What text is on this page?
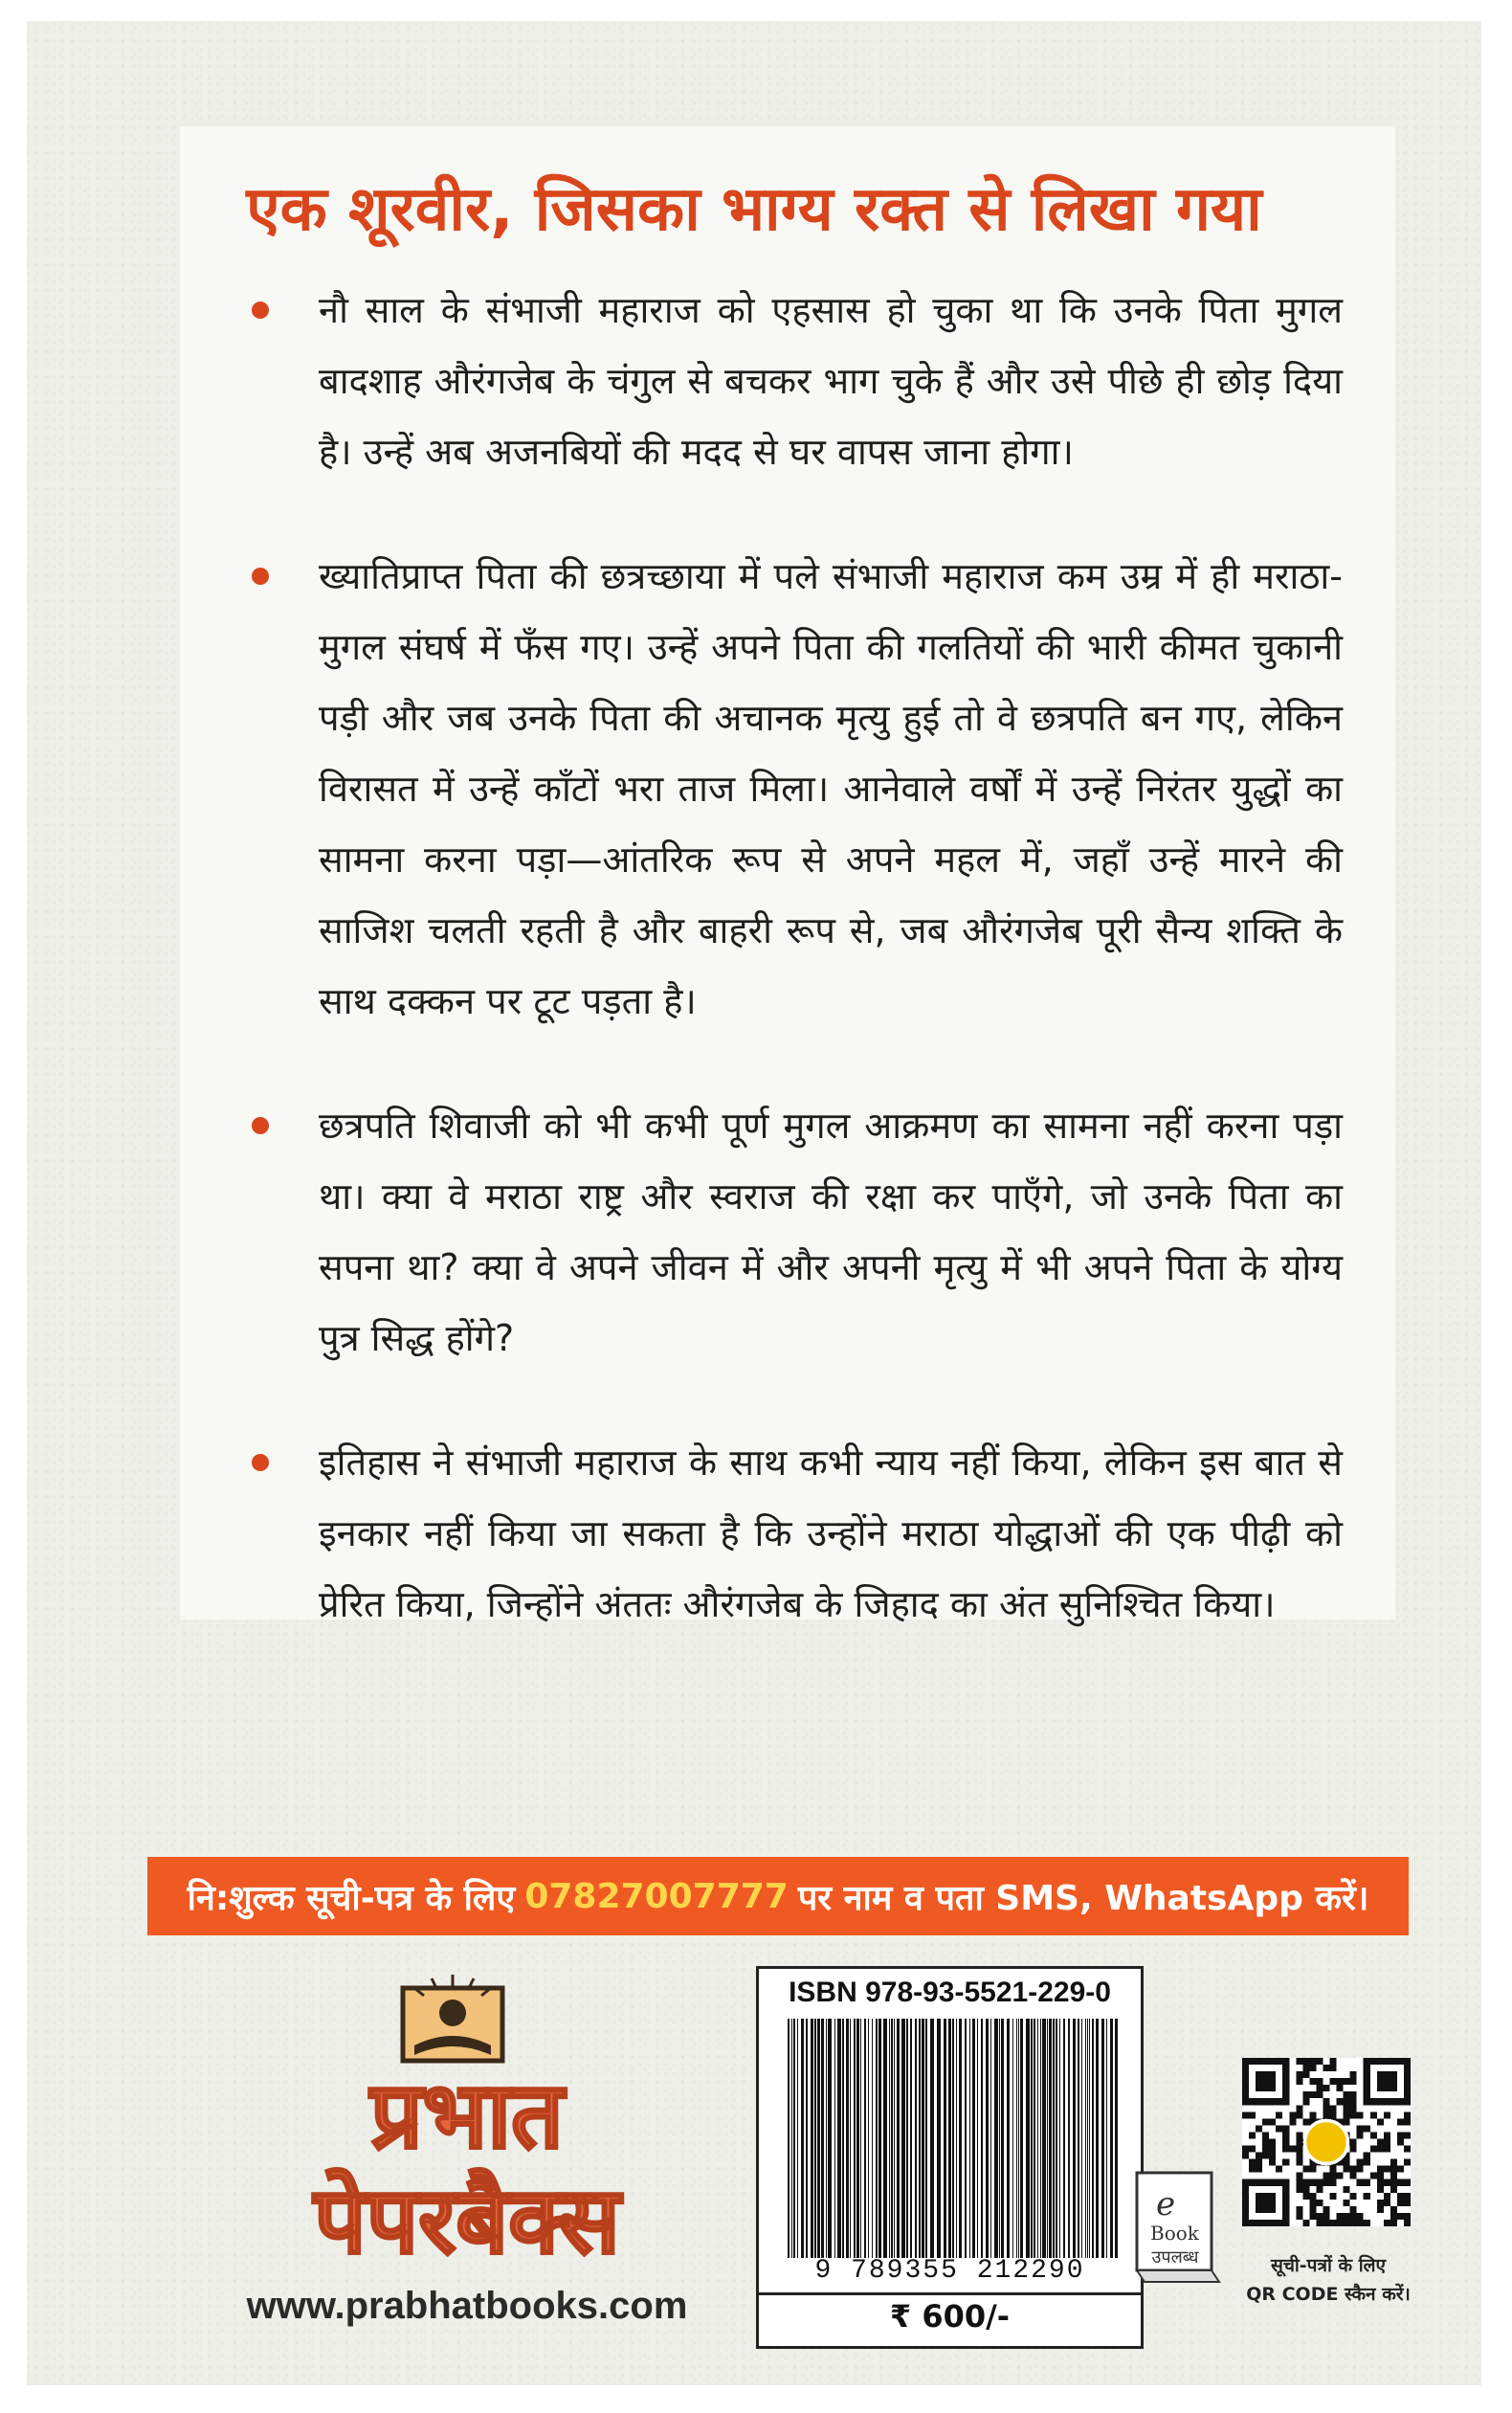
एक शूरवीर, जिसका भाग्य रक्त से लिखा गया
नौ साल के संभाजी महाराज को एहसास हो चुका था कि उनके पिता मुगल बादशाह औरंगजेब के चंगुल से बचकर भाग चुके हैं और उसे पीछे ही छोड़ दिया है। उन्हें अब अजनबियों की मदद से घर वापस जाना होगा।
ख्यातिप्राप्त पिता की छत्रच्छाया में पले संभाजी महाराज कम उम्र में ही मराठा-मुगल संघर्ष में फँस गए। उन्हें अपने पिता की गलतियों की भारी कीमत चुकानी पड़ी और जब उनके पिता की अचानक मृत्यु हुई तो वे छत्रपति बन गए, लेकिन विरासत में उन्हें काँटों भरा ताज मिला। आनेवाले वर्षों में उन्हें निरंतर युद्धों का सामना करना पड़ा—आंतरिक रूप से अपने महल में, जहाँ उन्हें मारने की साजिश चलती रहती है और बाहरी रूप से, जब औरंगजेब पूरी सैन्य शक्ति के साथ दक्कन पर टूट पड़ता है।
छत्रपति शिवाजी को भी कभी पूर्ण मुगल आक्रमण का सामना नहीं करना पड़ा था। क्या वे मराठा राष्ट्र और स्वराज की रक्षा कर पाएँगे, जो उनके पिता का सपना था? क्या वे अपने जीवन में और अपनी मृत्यु में भी अपने पिता के योग्य पुत्र सिद्ध होंगे?
इतिहास ने संभाजी महाराज के साथ कभी न्याय नहीं किया, लेकिन इस बात से इनकार नहीं किया जा सकता है कि उन्होंने मराठा योद्धाओं की एक पीढ़ी को प्रेरित किया, जिन्होंने अंततः औरंगजेब के जिहाद का अंत सुनिश्चित किया।
नि:शुल्क सूची-पत्र के लिए 07827007777 पर नाम व पता SMS, WhatsApp करें।
प्रभात
पेपरबैक्स
www.prabhatbooks.com
ISBN 978-93-5521-229-0
9 789355 212290
₹ 600/-
e
Book
उपलब्ध	सूची-पत्रों के लिए
QR CODE स्कैन करें।
